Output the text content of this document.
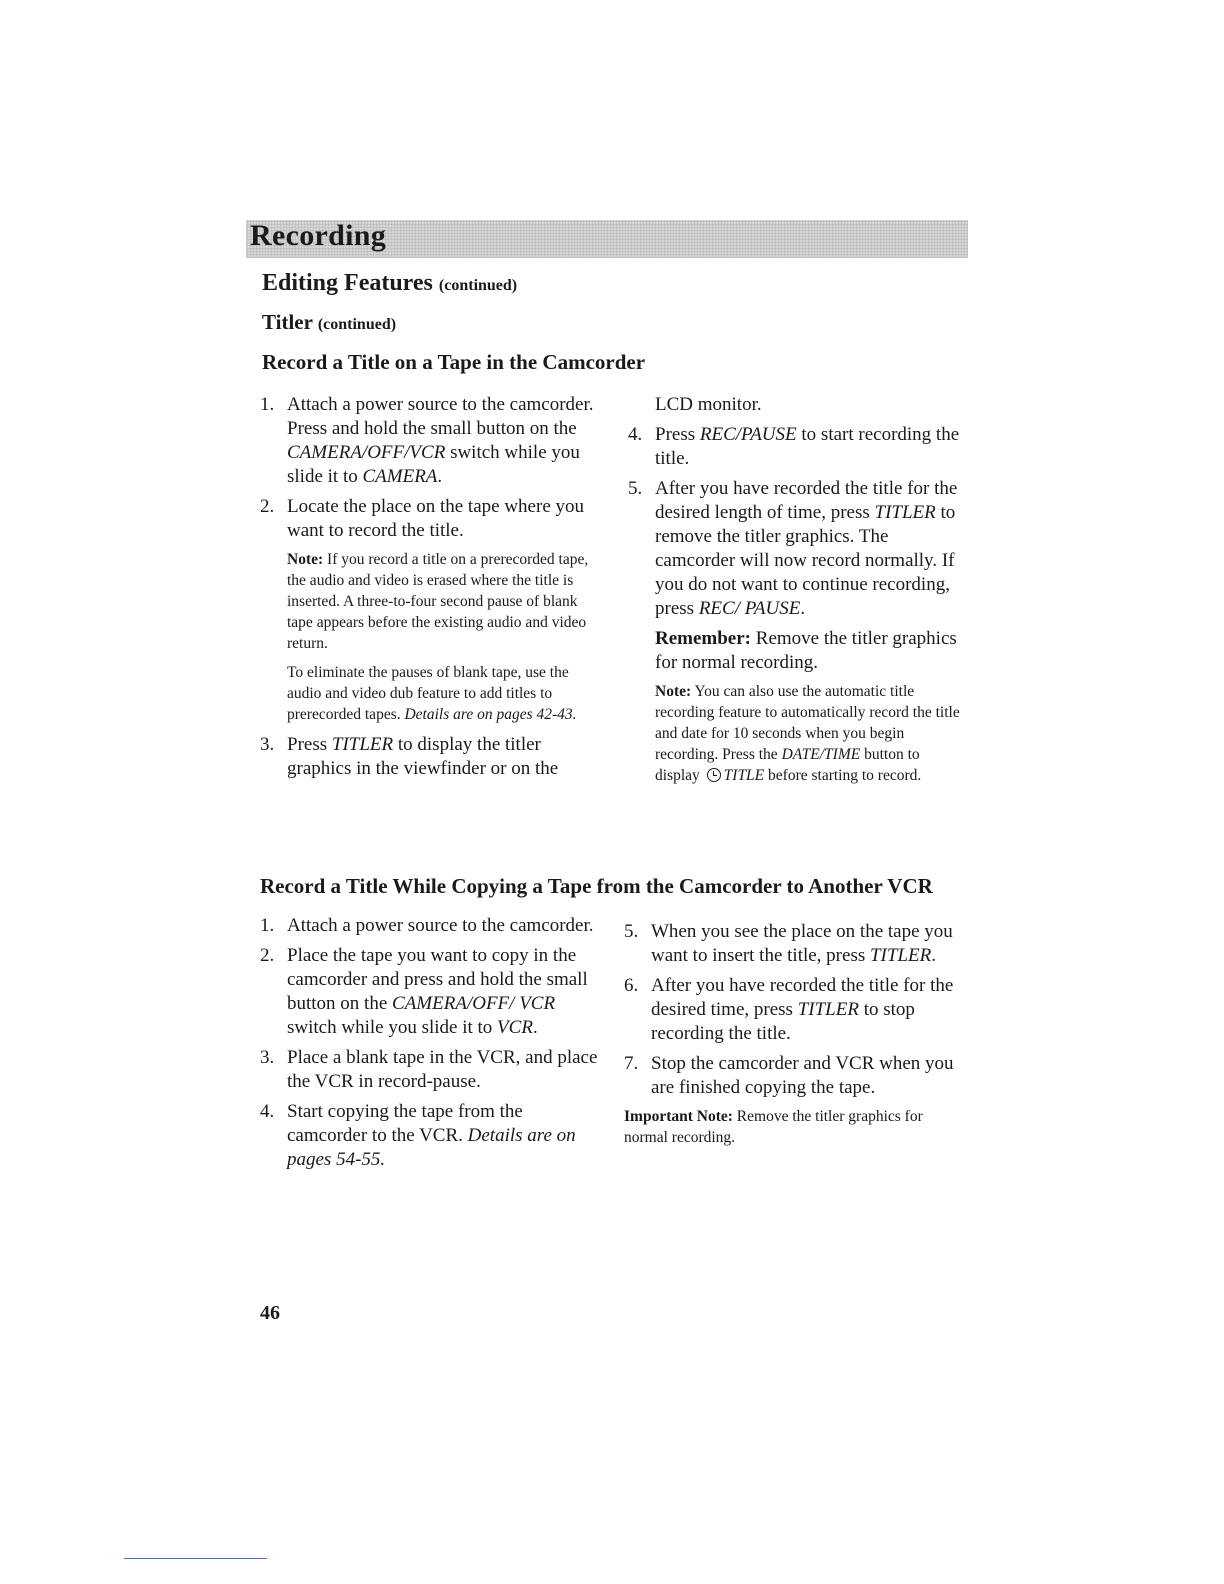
Recording
Editing Features (continued)
Titler (continued)
Record a Title on a Tape in the Camcorder
1. Attach a power source to the camcorder. Press and hold the small button on the CAMERA/OFF/VCR switch while you slide it to CAMERA.
2. Locate the place on the tape where you want to record the title.
Note: If you record a title on a prerecorded tape, the audio and video is erased where the title is inserted. A three-to-four second pause of blank tape appears before the existing audio and video return.
To eliminate the pauses of blank tape, use the audio and video dub feature to add titles to prerecorded tapes. Details are on pages 42-43.
3. Press TITLER to display the titler graphics in the viewfinder or on the
LCD monitor.
4. Press REC/PAUSE to start recording the title.
5. After you have recorded the title for the desired length of time, press TITLER to remove the titler graphics. The camcorder will now record normally. If you do not want to continue recording, press REC/ PAUSE.
Remember: Remove the titler graphics for normal recording.
Note: You can also use the automatic title recording feature to automatically record the title and date for 10 seconds when you begin recording. Press the DATE/TIME button to display TITLE before starting to record.
Record a Title While Copying a Tape from the Camcorder to Another VCR
1. Attach a power source to the camcorder.
2. Place the tape you want to copy in the camcorder and press and hold the small button on the CAMERA/OFF/ VCR switch while you slide it to VCR.
3. Place a blank tape in the VCR, and place the VCR in record-pause.
4. Start copying the tape from the camcorder to the VCR. Details are on pages 54-55.
5. When you see the place on the tape you want to insert the title, press TITLER.
6. After you have recorded the title for the desired time, press TITLER to stop recording the title.
7. Stop the camcorder and VCR when you are finished copying the tape.
Important Note: Remove the titler graphics for normal recording.
46
